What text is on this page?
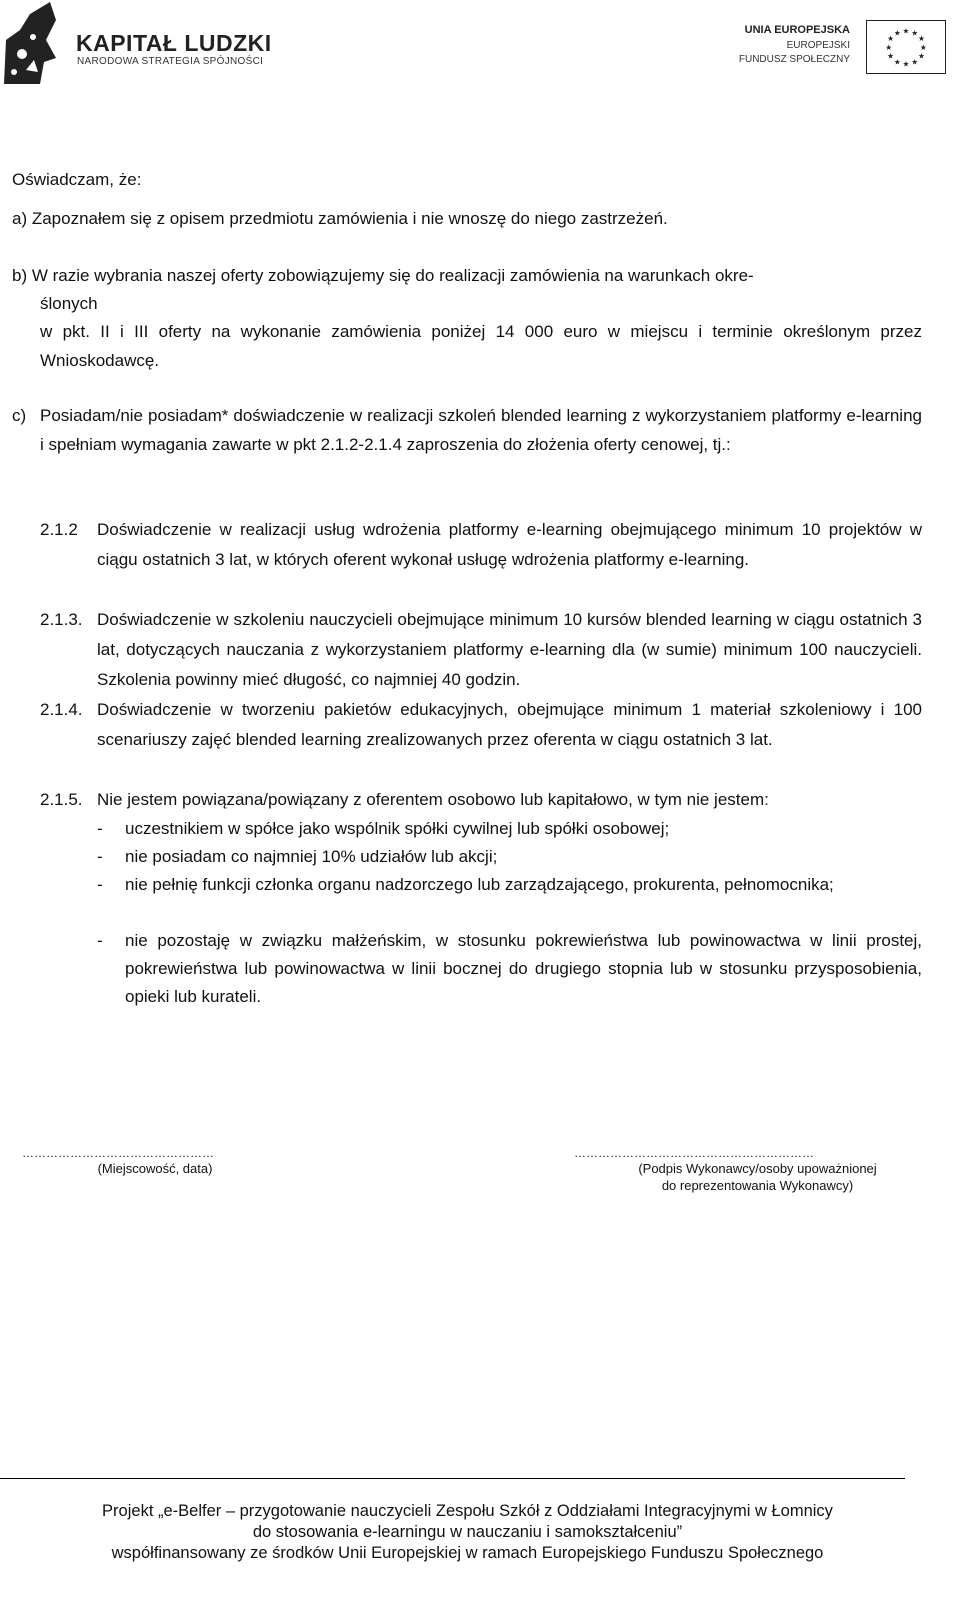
KAPITAŁ LUDZKI
NARODOWA STRATEGIA SPÓJNOŚCI
UNIA EUROPEJSKA
EUROPEJSKI
FUNDUSZ SPOŁECZNY
★ ★
★
★
★
★
★
★
★
★
★
★
Oświadczam, że:
a) Zapoznałem się z opisem przedmiotu zamówienia i nie wnoszę do niego zastrzeżeń.
b) W razie wybrania naszej oferty zobowiązujemy się do realizacji zamówienia na warunkach okre-
ślonych
w pkt. II i III oferty na wykonanie zamówienia poniżej 14 000 euro w miejscu i terminie określonym przez Wnioskodawcę.
c) Posiadam/nie posiadam* doświadczenie w realizacji szkoleń blended learning z wykorzystaniem platformy e-learning i spełniam wymagania zawarte w pkt 2.1.2-2.1.4 zaproszenia do złożenia oferty cenowej, tj.:
2.1.2 Doświadczenie w realizacji usług wdrożenia platformy e-learning obejmującego minimum 10 projektów w ciągu ostatnich 3 lat, w których oferent wykonał usługę wdrożenia platformy e-learning.
2.1.3. Doświadczenie w szkoleniu nauczycieli obejmujące minimum 10 kursów blended learning w ciągu ostatnich 3 lat, dotyczących nauczania z wykorzystaniem platformy e-learning dla (w sumie) minimum 100 nauczycieli. Szkolenia powinny mieć długość, co najmniej 40 godzin.
2.1.4. Doświadczenie w tworzeniu pakietów edukacyjnych, obejmujące minimum 1 materiał szkoleniowy i 100 scenariuszy zajęć blended learning zrealizowanych przez oferenta w ciągu ostatnich 3 lat.
2.1.5. Nie jestem powiązana/powiązany z oferentem osobowo lub kapitałowo, w tym nie jestem:
- uczestnikiem w spółce jako wspólnik spółki cywilnej lub spółki osobowej;
- nie posiadam co najmniej 10% udziałów lub akcji;
- nie pełnię funkcji członka organu nadzorczego lub zarządzającego, prokurenta, pełnomocnika;
- nie pozostaję w związku małżeńskim, w stosunku pokrewieństwa lub powinowactwa w linii prostej, pokrewieństwa lub powinowactwa w linii bocznej do drugiego stopnia lub w stosunku przysposobienia, opieki lub kurateli.
…………………………………………
(Miejscowość, data)
……………………………………………………
(Podpis Wykonawcy/osoby upoważnionej
do reprezentowania Wykonawcy)
Projekt „e-Belfer – przygotowanie nauczycieli Zespołu Szkół z Oddziałami Integracyjnymi w Łomnicy
do stosowania e-learningu w nauczaniu i samokształceniu”
współfinansowany ze środków Unii Europejskiej w ramach Europejskiego Funduszu Społecznego
